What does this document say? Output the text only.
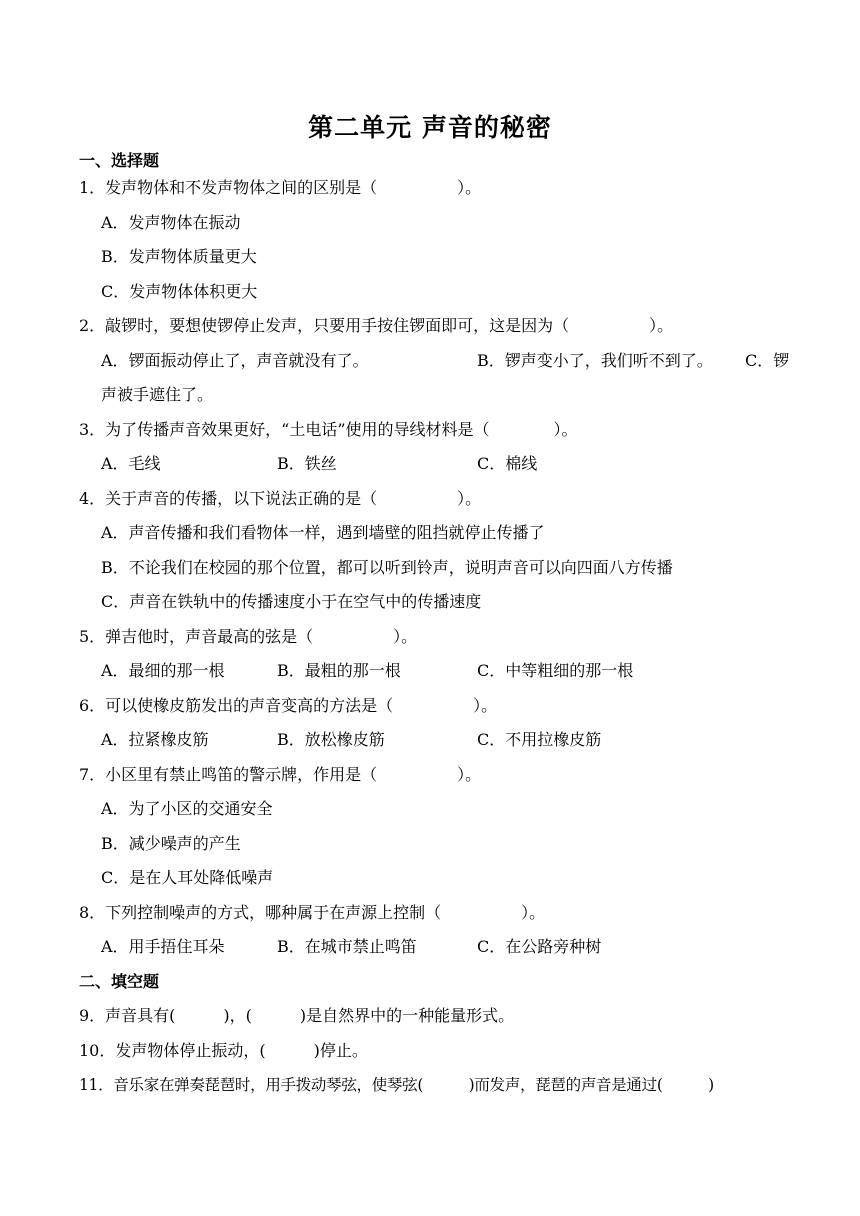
第二单元 声音的秘密
一、选择题
1．发声物体和不发声物体之间的区别是（　　　　　）。
A．发声物体在振动
B．发声物体质量更大
C．发声物体体积更大
2．敲锣时，要想使锣停止发声，只要用手按住锣面即可，这是因为（　　　　　）。
A．锣面振动停止了，声音就没有了。	B．锣声变小了，我们听不到了。 C．锣
声被手遮住了。
3．为了传播声音效果更好，“土电话”使用的导线材料是（　　　　）。
A．毛线	B．铁丝	C．棉线
4．关于声音的传播，以下说法正确的是（　　　　　）。
A．声音传播和我们看物体一样，遇到墙壁的阻挡就停止传播了
B．不论我们在校园的那个位置，都可以听到铃声，说明声音可以向四面八方传播
C．声音在铁轨中的传播速度小于在空气中的传播速度
5．弹吉他时，声音最高的弦是（　　　　　）。
A．最细的那一根	B．最粗的那一根	C．中等粗细的那一根
6．可以使橡皮筋发出的声音变高的方法是（　　　　　）。
A．拉紧橡皮筋	B．放松橡皮筋	C．不用拉橡皮筋
7．小区里有禁止鸣笛的警示牌，作用是（　　　　　）。
A．为了小区的交通安全
B．减少噪声的产生
C．是在人耳处降低噪声
8．下列控制噪声的方式，哪种属于在声源上控制（　　　　　）。
A．用手捂住耳朵	B．在城市禁止鸣笛	C．在公路旁种树
二、填空题
9．声音具有(　　　)，(　　　)是自然界中的一种能量形式。
10．发声物体停止振动，(　　　)停止。
11．音乐家在弹奏琵琶时，用手拨动琴弦，使琴弦(　　　)而发声，琵琶的声音是通过(　　　)
